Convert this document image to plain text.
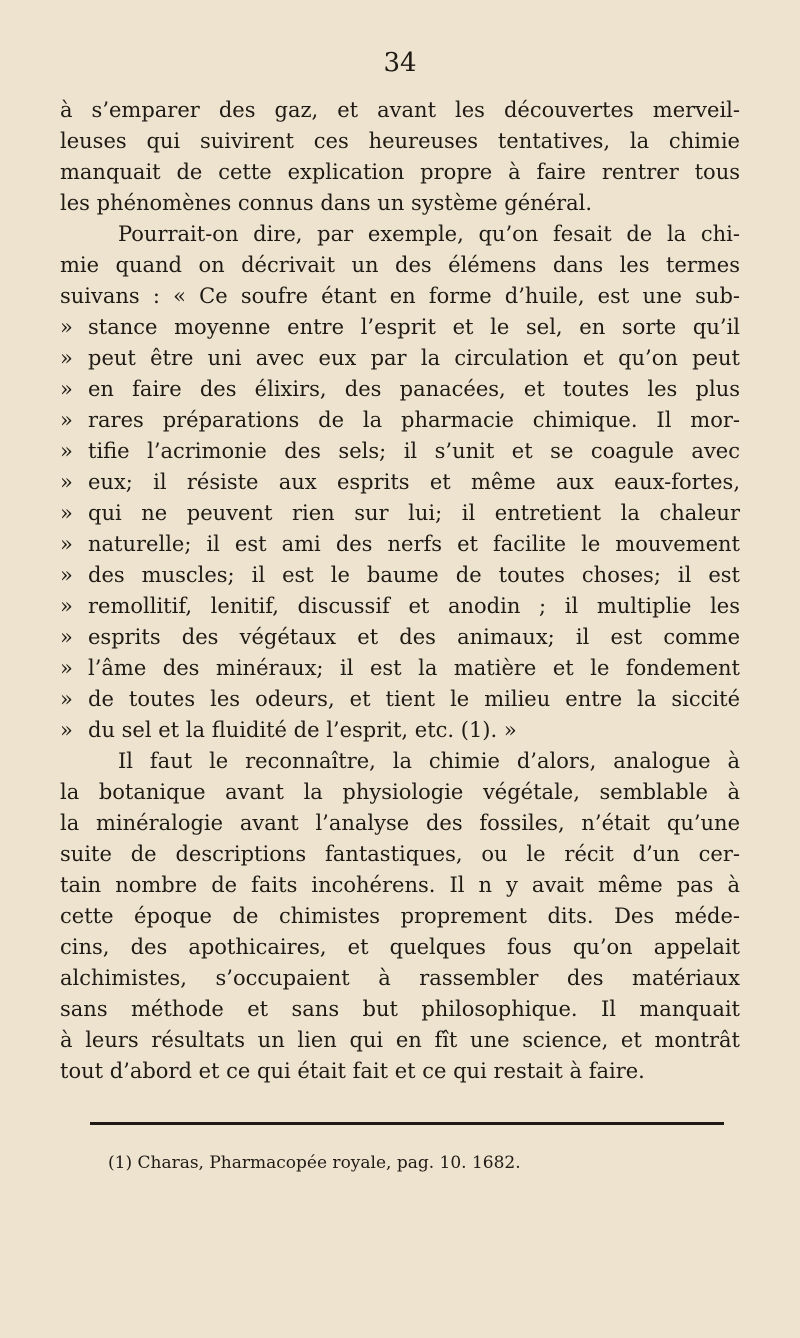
34
à s’emparer des gaz, et avant les découvertes merveil-
leuses qui suivirent ces heureuses tentatives, la chimie
manquait de cette explication propre à faire rentrer tous
les phénomènes connus dans un système général.
Pourrait-on dire, par exemple, qu’on fesait de la chi-
mie quand on décrivait un des élémens dans les termes
suivans : « Ce soufre étant en forme d’huile, est une sub-
» stance moyenne entre l’esprit et le sel, en sorte qu’il
» peut être uni avec eux par la circulation et qu’on peut
» en faire des élixirs, des panacées, et toutes les plus
» rares préparations de la pharmacie chimique. Il mor-
» tifie l’acrimonie des sels; il s’unit et se coagule avec
» eux; il résiste aux esprits et même aux eaux-fortes,
» qui ne peuvent rien sur lui; il entretient la chaleur
» naturelle; il est ami des nerfs et facilite le mouvement
» des muscles; il est le baume de toutes choses; il est
» remollitif, lenitif, discussif et anodin ; il multiplie les
» esprits des végétaux et des animaux; il est comme
» l’âme des minéraux; il est la matière et le fondement
» de toutes les odeurs, et tient le milieu entre la siccité
» du sel et la fluidité de l’esprit, etc. (1). »
Il faut le reconnaître, la chimie d’alors, analogue à
la botanique avant la physiologie végétale, semblable à
la minéralogie avant l’analyse des fossiles, n’était qu’une
suite de descriptions fantastiques, ou le récit d’un cer-
tain nombre de faits incohérens. Il n y avait même pas à
cette époque de chimistes proprement dits. Des méde-
cins, des apothicaires, et quelques fous qu’on appelait
alchimistes, s’occupaient à rassembler des matériaux
sans méthode et sans but philosophique. Il manquait
à leurs résultats un lien qui en fît une science, et montrât
tout d’abord et ce qui était fait et ce qui restait à faire.
(1) Charas, Pharmacopée royale, pag. 10. 1682.
